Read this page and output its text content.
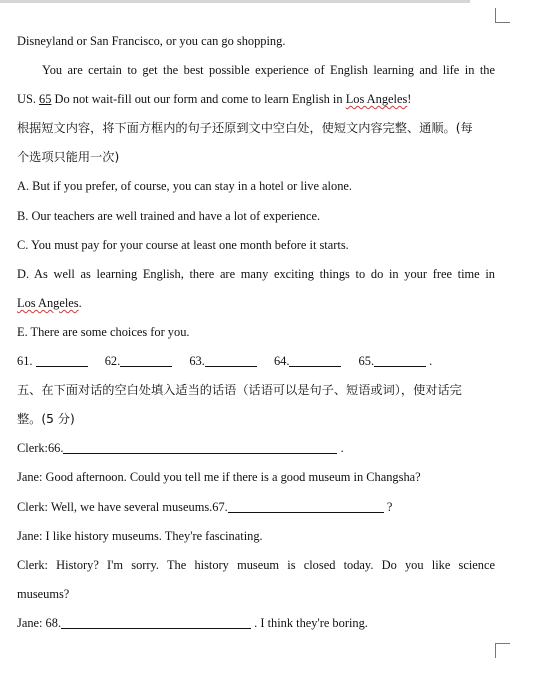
Disneyland or San Francisco, or you can go shopping.
You are certain to get the best possible experience of English learning and life in the
US. 65 Do not wait-fill out our form and come to learn English in Los Angeles!
根据短文内容，将下面方框内的句子还原到文中空白处，使短文内容完整、通顺。(每
个选项只能用一次)
A. But if you prefer, of course, you can stay in a hotel or live alone.
B. Our teachers are well trained and have a lot of experience.
C. You must pay for your course at least one month before it starts.
D. As well as learning English, there are many exciting things to do in your free time in
Los Angeles.
E. There are some choices for you.
61.	62.	63.	64.	65.	.
五、在下面对话的空白处填入适当的话语（话语可以是句子、短语或词），使对话完
整。(5 分)
Clerk:66.	.
Jane: Good afternoon. Could you tell me if there is a good museum in Changsha?
Clerk: Well, we have several museums.67.	?
Jane: I like history museums. They're fascinating.
Clerk: History? I'm sorry. The history museum is closed today. Do you like science
museums?
Jane: 68.	. I think they're boring.
